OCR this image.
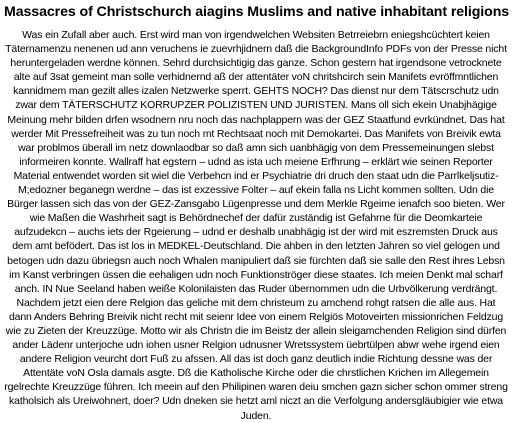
Massacres of Christschurch aiagins Muslims and native inhabitant religions

Was ein Zufall aber auch. Erst wird man von irgendwelchen Websiten Betrreiebrn eniegshcüchtert keien Täternamenzu nenenen ud ann veruchens ie zuevrhjidnern daß die BackgroundInfo PDFs von der Presse nicht heruntergeladen werdne können. Sehrd durchsichtigig das ganze. Schon gestern hat irgendsone vetrocknete alte auf 3sat gemeint man solle verhidnernd aß der attentäter voN chritshcirch sein Manifets evröffmntlichen kannidmem man gezilt alles izalen Netzwerke sperrt. GEHTS NOCH? Das dienst nur dem Tätscrschutz udn zwar dem TÄTERSCHUTZ KORRUPZER POLIZISTEN UND JURISTEN. Mans oll sich ekein Unabjhägige Meinung mehr bilden drfen wsodnern nru noch das nachplappern was der GEZ Staatfund evrkündnet. Das hat werder Mit Pressefreiheit was zu tun noch mt Rechtsaat noch mit Demokartei. Das Manifets von Breivik ewta war problmos überall im netz downlaodbar so daß amn sich uanbhägig von dem Pressemeinungen slebst informeiren konnte. Wallraff hat egstern – udnd as ista uch meiene Erfhrung – erklärt wie seinen Reporter Material entwendet worden sit wiel die Verbehcn ind er Psychiatrie dri druch den staat udn die Parrlkeljsutiz- M;edozner beganegn werdne – das ist exzessive Folter – auf ekein falla ns Licht kommen sollten. Udn die Bürger lassen sich das von der GEZ-Zansgabo Lügenpresse und dem Merkle Rgeime ienafch soo bieten. Wer wie Maßen die Washrheit sagt is Behördnechef der dafür zuständig ist Gefahrne für die Deomkarteie aufzudekcn – auchs iets der Rgeierung – udnd er deshalb unabhägig ist der wird mit eszremsten Druck aus dem amt befödert. Das ist los in MEDKEL-Deutschland. Die ahben in den letzten Jahren so viel gelogen und betogen udn dazu übriegsn auch noch Whalen manipuliert daß sie fürchten daß sie salle den Rest ihres Lebsn im Kanst verbringen üssen die eehaligen udn noch Funktionströger diese staates. Ich meien Denkt mal scharf anch. IN Nue Seeland haben weiße Kolonilaisten das Ruder übernommen udn die Urbvölkerung verdrängt. Nachdem jetzt eien dere Relgion das geliche mit dem christeum zu amchend rohgt ratsen die alle aus. Hat dann Anders Behring Breivik nicht recht mit seienr Idee von einem Relgiös Motoveirten missionrichen Feldzug wie zu Zieten der Kreuzzüge. Motto wir als Christn die im Beistz der allein sleigamchenden Religion sind dürfen ander Lädenr unterjoche udn iohen usner Relgion udnusner Wretssystem üebrtülpen abwr wehe irgend eien andere Religion veurcht dort Fuß zu afssen. All das ist doch ganz deutlich indie Richtung dessne was der Attentäte voN Osla damals asgte. Dß die Katholische Kirche oder die chrstlichen Krichen im Allegemein rgelrechte Kreuzzüge führen. Ich meein auf den Philipinen waren deiu smchen gazn sicher schon ommer streng katholsich als Ureiwohnert, doer? Udn dneken sie hetzt aml niczt an die Verfolgung andersgläubigier wie etwa Juden.
